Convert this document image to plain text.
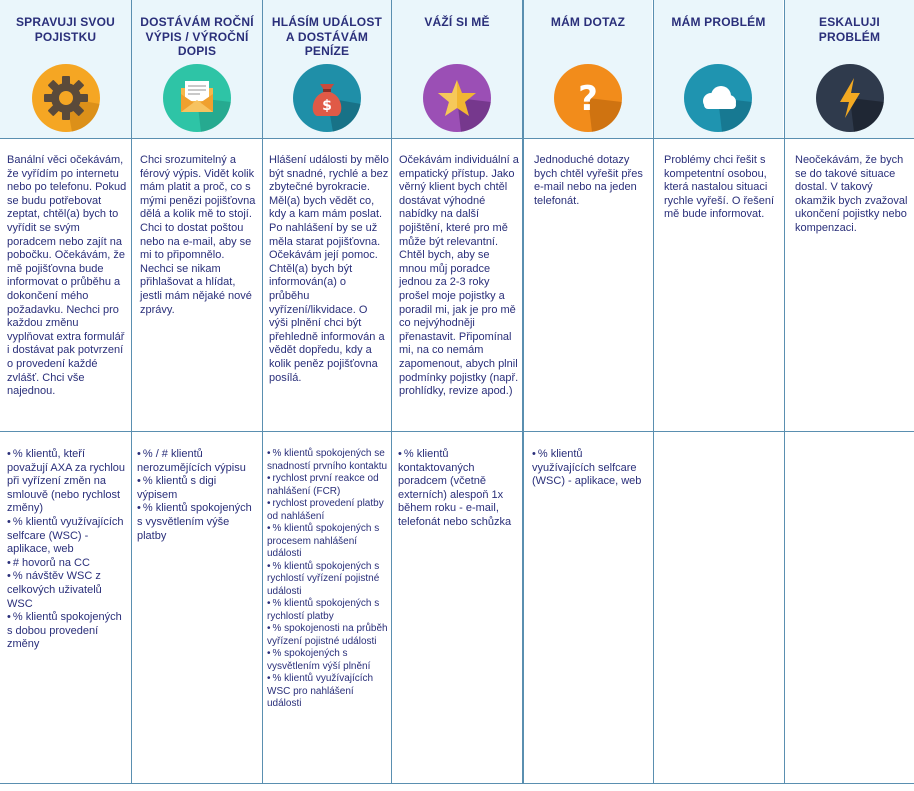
SPRAVUJI SVOU POJISTKU

Banální věci očekávám, že vyřídím po internetu nebo po telefonu. Pokud se budu potřebovat zeptat, chtěl(a) bych to vyřídit se svým poradcem nebo zajít na pobočku. Očekávám, že mě pojišťovna bude informovat o průběhu a dokončení mého požadavku. Nechci pro každou změnu vyplňovat extra formulář i dostávat pak potvrzení o provedení každé zvlášť. Chci vše najednou.

• % klientů, kteří považují AXA za rychlou při vyřízení změn na smlouvě (nebo rychlost změny)
• % klientů využívajících selfcare (WSC) - aplikace, web
• # hovorů na CC
• % návštěv WSC z celkových uživatelů WSC
• % klientů spokojených s dobou provedení změny
DOSTÁVÁM ROČNÍ VÝPIS / VÝROČNÍ DOPIS

Chci srozumitelný a férový výpis. Vidět kolik mám platit a proč, co s mými penězi pojišťovna dělá a kolik mě to stojí. Chci to dostat poštou nebo na e-mail, aby se mi to připomnělo. Nechci se nikam přihlašovat a hlídat, jestli mám nějaké nové zprávy.

• % / # klientů nerozumějících výpisu
• % klientů s digi výpisem
• % klientů spokojených s vysvětlením výše platby
HLÁSÍM UDÁLOST A DOSTÁVÁM PENÍZE
$

Hlášení události by mělo být snadné, rychlé a bez zbytečné byrokracie. Měl(a) bych vědět co, kdy a kam mám poslat. Po nahlášení by se už měla starat pojišťovna. Očekávám její pomoc. Chtěl(a) bych být informován(a) o průběhu vyřízení/likvidace. O výši plnění chci být přehledně informován a vědět dopředu, kdy a kolik peněz pojišťovna posílá.

• % klientů spokojených se snadností prvního kontaktu
• rychlost první reakce od nahlášení (FCR)
• rychlost provedení platby od nahlášení
• % klientů spokojených s procesem nahlášení události
• % klientů spokojených s rychlostí vyřízení pojistné události
• % klientů spokojených s rychlostí platby
• % spokojenosti na průběh vyřízení pojistné události
• % spokojených s vysvětlením výší plnění
• % klientů využívajících WSC pro nahlášení události
VÁŽÍ SI MĚ

Očekávám individuální a empatický přístup. Jako věrný klient bych chtěl dostávat výhodné nabídky na další pojištění, které pro mě může být relevantní. Chtěl bych, aby se mnou můj poradce jednou za 2-3 roky prošel moje pojistky a poradil mi, jak je pro mě co nejvýhodněji přenastavit. Připomínal mi, na co nemám zapomenout, abych plnil podmínky pojistky (např. prohlídky, revize apod.)

• % klientů kontaktovaných poradcem (včetně externích) alespoň 1x během roku - e-mail, telefonát nebo schůzka
MÁM DOTAZ
?

Jednoduché dotazy bych chtěl vyřešit přes e-mail nebo na jeden telefonát.

• % klientů využívajících selfcare (WSC) - aplikace, web
MÁM PROBLÉM

Problémy chci řešit s kompetentní osobou, která nastalou situaci rychle vyřeší. O řešení mě bude informovat.

ESKALUJI PROBLÉM

Neočekávám, že bych se do takové situace dostal. V takový okamžik bych zvažoval ukončení pojistky nebo kompenzaci.
